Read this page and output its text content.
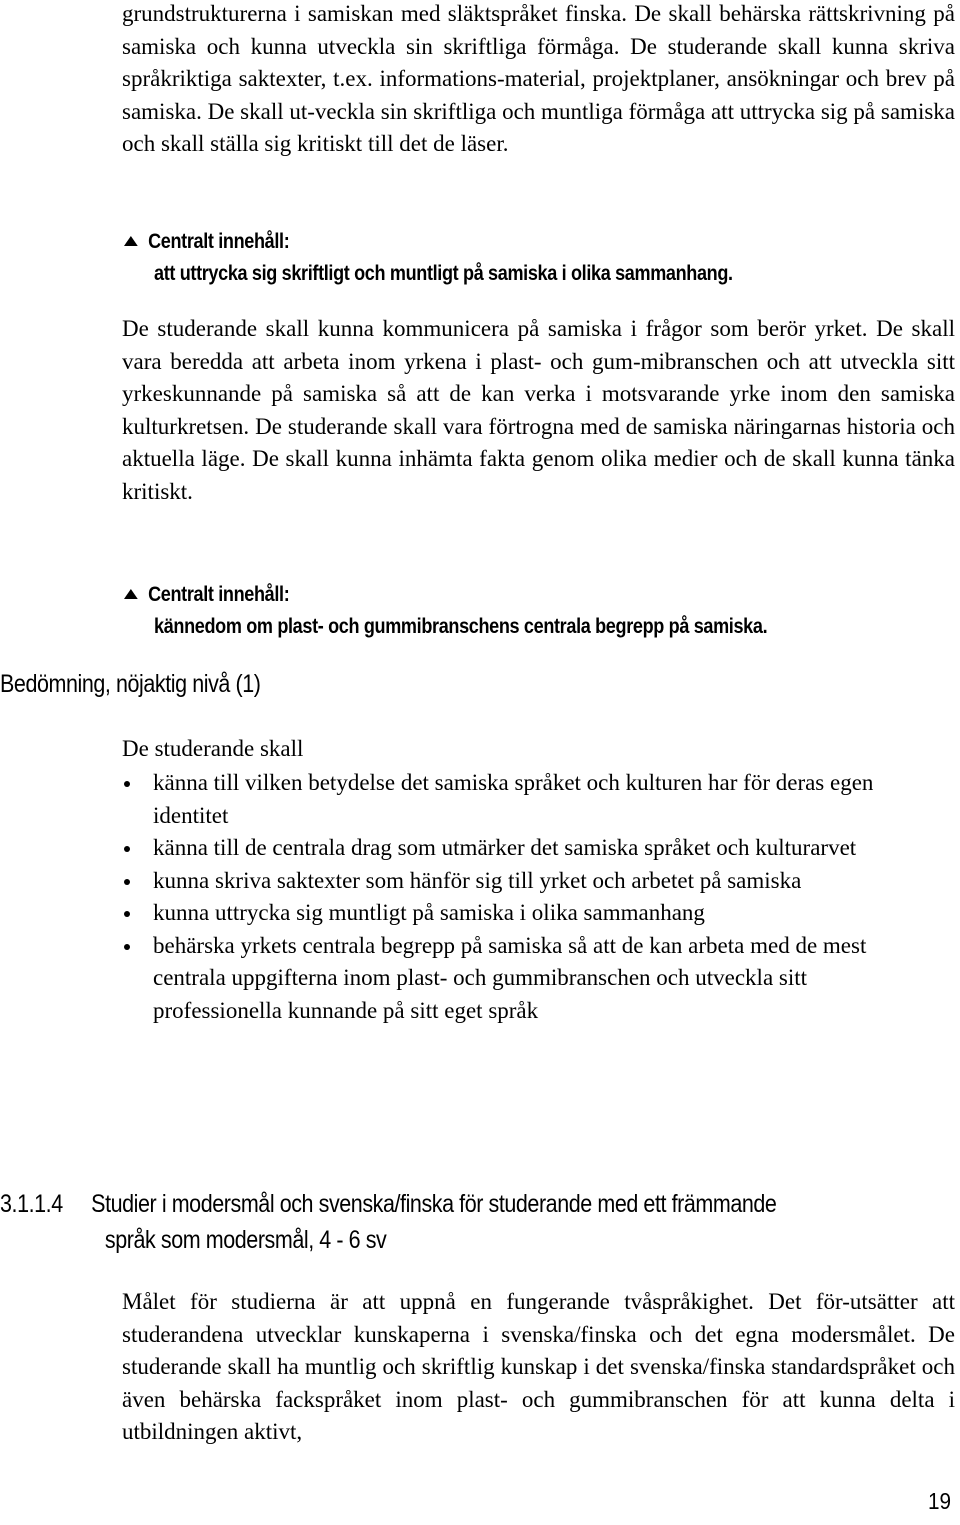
grundstrukturerna i samiskan med släktspråket finska. De skall behärska rättskrivning på samiska och kunna utveckla sin skriftliga förmåga. De studerande skall kunna skriva språkriktiga saktexter, t.ex. informations-material, projektplaner, ansökningar och brev på samiska. De skall ut-veckla sin skriftliga och muntliga förmåga att uttrycka sig på samiska och skall ställa sig kritiskt till det de läser.

Centralt innehåll:
att uttrycka sig skriftligt och muntligt på samiska i olika sammanhang.

De studerande skall kunna kommunicera på samiska i frågor som berör yrket. De skall vara beredda att arbeta inom yrkena i plast- och gum-mibranschen och att utveckla sitt yrkeskunnande på samiska så att de kan verka i motsvarande yrke inom den samiska kulturkretsen. De studerande skall vara förtrogna med de samiska näringarnas historia och aktuella läge. De skall kunna inhämta fakta genom olika medier och de skall kunna tänka kritiskt.

Centralt innehåll:
kännedom om plast- och gummibranschens centrala begrepp på samiska.
Bedömning, nöjaktig nivå (1)

De studerande skall

känna till vilken betydelse det samiska språket och kulturen har för deras egen identitet
känna till de centrala drag som utmärker det samiska språket och kulturarvet
kunna skriva saktexter som hänför sig till yrket och arbetet på samiska
kunna uttrycka sig muntligt på samiska i olika sammanhang
behärska yrkets centrala begrepp på samiska så att de kan arbeta med de mest centrala uppgifterna inom plast- och gummibranschen och utveckla sitt professionella kunnande på sitt eget språk
3.1.1.4 Studier i modersmål och svenska/finska för studerande med ett främmande
språk som modersmål, 4 - 6 sv

Målet för studierna är att uppnå en fungerande tvåspråkighet. Det för-utsätter att studerandena utvecklar kunskaperna i svenska/finska och det egna modersmålet. De studerande skall ha muntlig och skriftlig kunskap i det svenska/finska standardspråket och även behärska fackspråket inom plast- och gummibranschen för att kunna delta i utbildningen aktivt,

19
